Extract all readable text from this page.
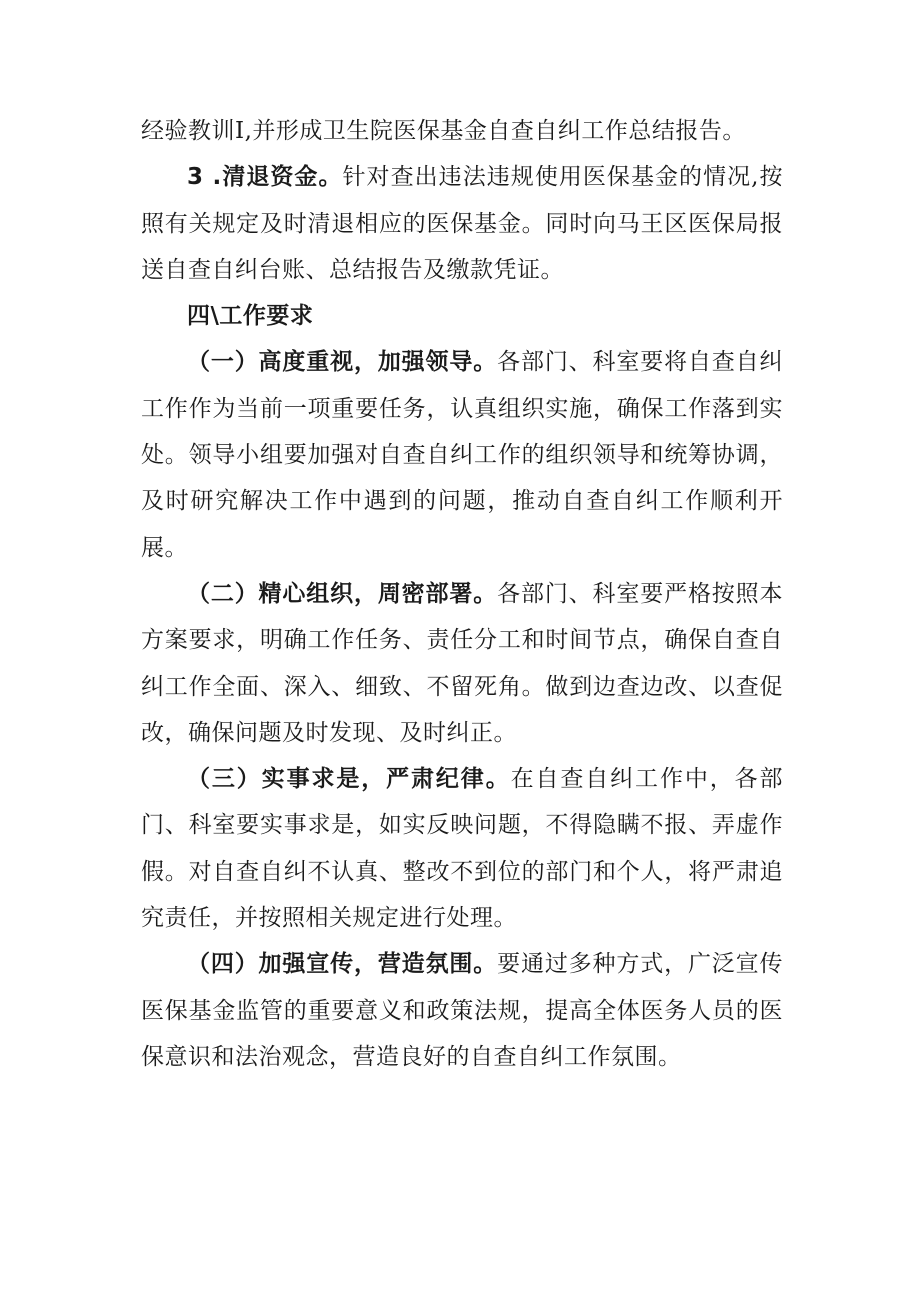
经验教训I,并形成卫生院医保基金自查自纠工作总结报告。

3 .清退资金。针对查出违法违规使用医保基金的情况,按照有关规定及时清退相应的医保基金。同时向马王区医保局报送自查自纠台账、总结报告及缴款凭证。

四\工作要求

（一）高度重视，加强领导。各部门、科室要将自查自纠工作作为当前一项重要任务，认真组织实施，确保工作落到实处。领导小组要加强对自查自纠工作的组织领导和统筹协调，及时研究解决工作中遇到的问题，推动自查自纠工作顺利开展。

（二）精心组织，周密部署。各部门、科室要严格按照本方案要求，明确工作任务、责任分工和时间节点，确保自查自纠工作全面、深入、细致、不留死角。做到边查边改、以查促改，确保问题及时发现、及时纠正。

（三）实事求是，严肃纪律。在自查自纠工作中，各部门、科室要实事求是，如实反映问题，不得隐瞒不报、弄虚作假。对自查自纠不认真、整改不到位的部门和个人，将严肃追究责任，并按照相关规定进行处理。

（四）加强宣传，营造氛围。要通过多种方式，广泛宣传医保基金监管的重要意义和政策法规，提高全体医务人员的医保意识和法治观念，营造良好的自查自纠工作氛围。
